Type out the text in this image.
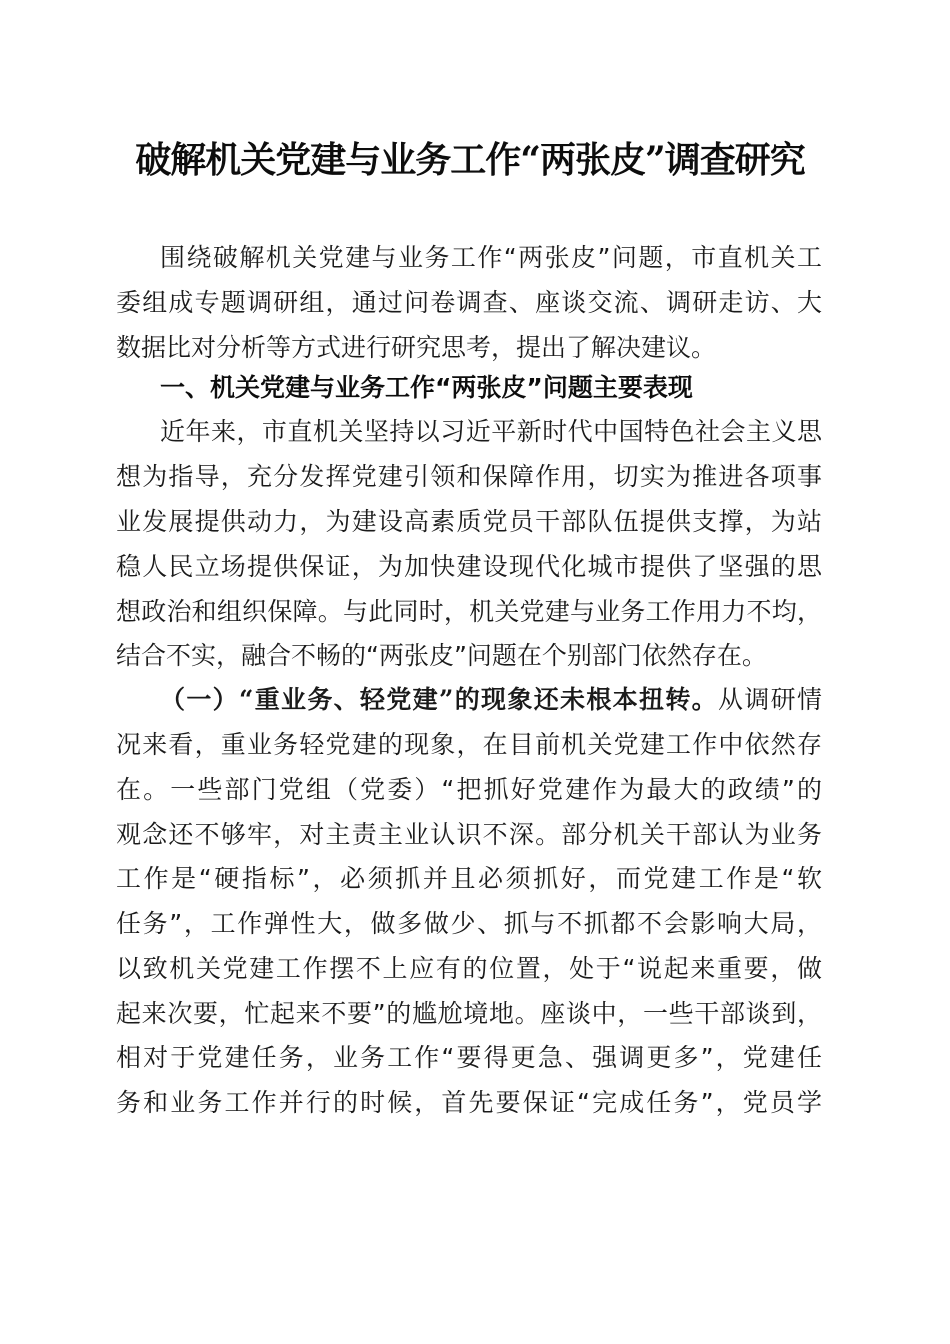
破解机关党建与业务工作“两张皮”调查研究
围绕破解机关党建与业务工作“两张皮”问题，市直机关工
委组成专题调研组，通过问卷调查、座谈交流、调研走访、大
数据比对分析等方式进行研究思考，提出了解决建议。
一、机关党建与业务工作“两张皮”问题主要表现
近年来，市直机关坚持以习近平新时代中国特色社会主义思
想为指导，充分发挥党建引领和保障作用，切实为推进各项事
业发展提供动力，为建设高素质党员干部队伍提供支撑，为站
稳人民立场提供保证，为加快建设现代化城市提供了坚强的思
想政治和组织保障。与此同时，机关党建与业务工作用力不均，
结合不实，融合不畅的“两张皮”问题在个别部门依然存在。
（一）“重业务、轻党建”的现象还未根本扭转。从调研情
况来看，重业务轻党建的现象，在目前机关党建工作中依然存
在。一些部门党组（党委）“把抓好党建作为最大的政绩”的
观念还不够牢，对主责主业认识不深。部分机关干部认为业务
工作是“硬指标”，必须抓并且必须抓好，而党建工作是“软
任务”，工作弹性大，做多做少、抓与不抓都不会影响大局，
以致机关党建工作摆不上应有的位置，处于“说起来重要，做
起来次要，忙起来不要”的尴尬境地。座谈中，一些干部谈到，
相对于党建任务，业务工作“要得更急、强调更多”，党建任
务和业务工作并行的时候，首先要保证“完成任务”，党员学
